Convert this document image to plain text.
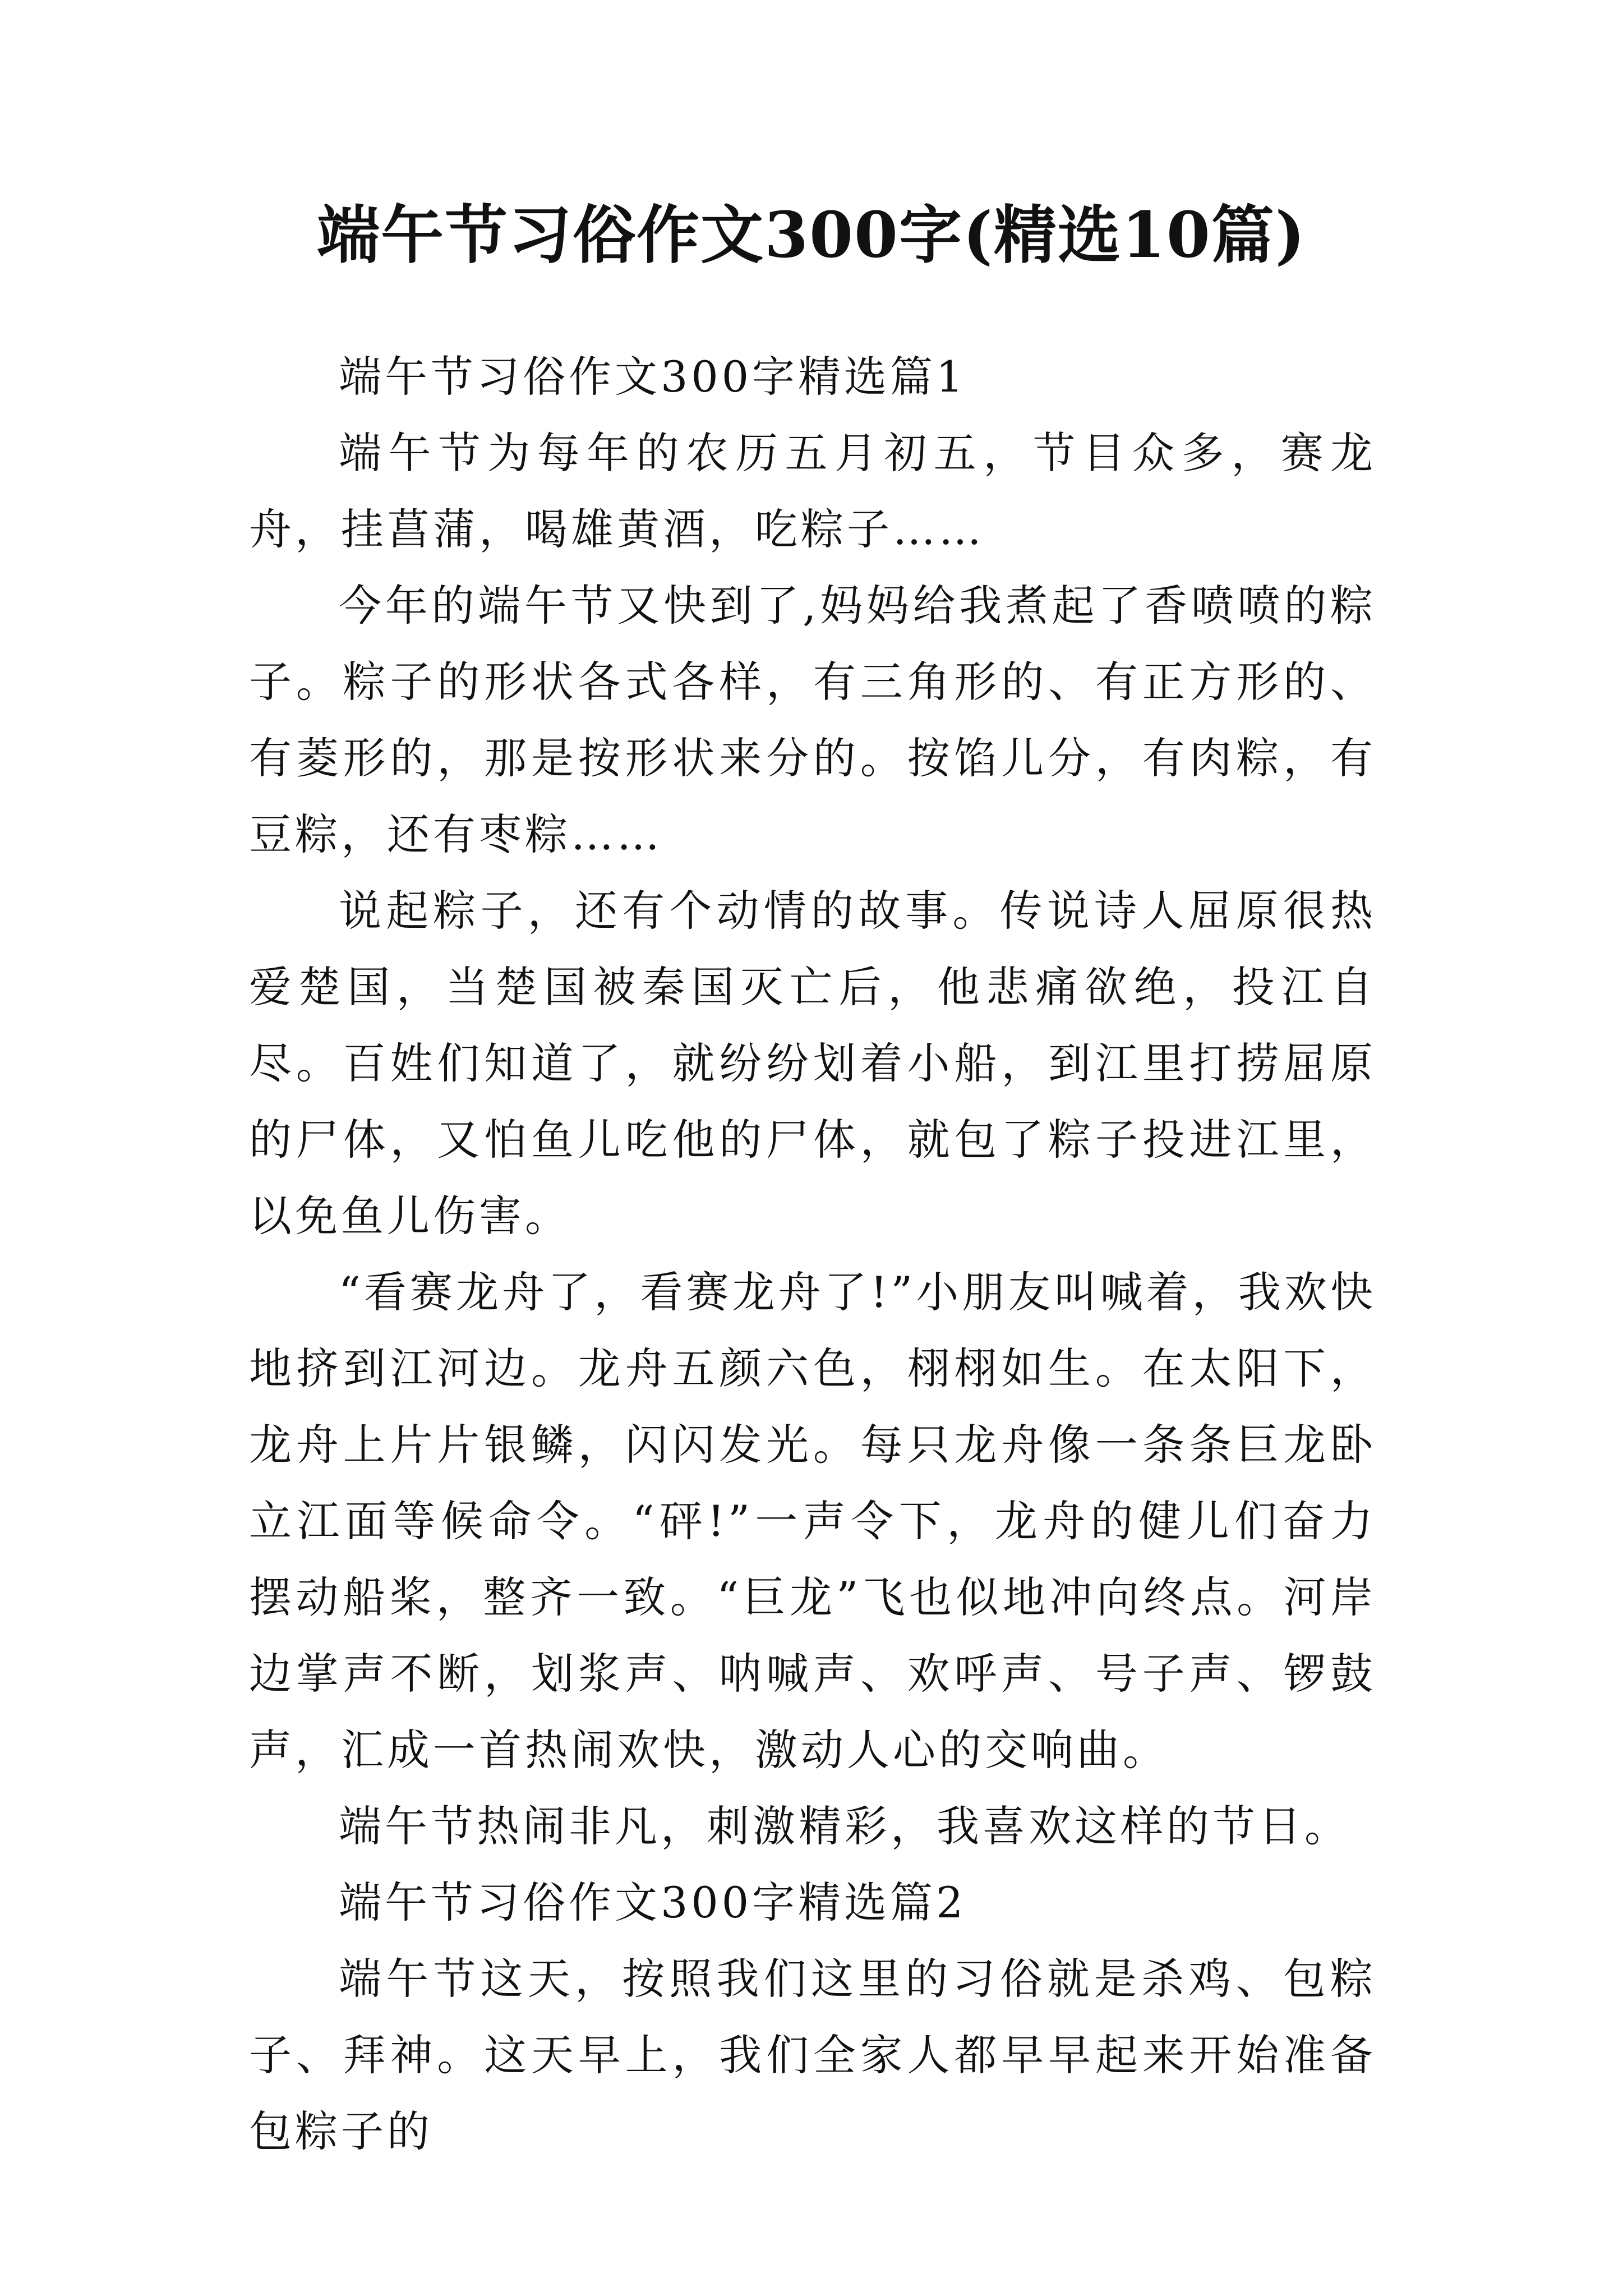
端午节习俗作文300字(精选10篇)

端午节习俗作文300字精选篇1

端午节为每年的农历五月初五，节目众多，赛龙舟，挂菖蒲，喝雄黄酒，吃粽子……

今年的端午节又快到了,妈妈给我煮起了香喷喷的粽子。粽子的形状各式各样，有三角形的、有正方形的、有菱形的，那是按形状来分的。按馅儿分，有肉粽，有豆粽，还有枣粽……

说起粽子，还有个动情的故事。传说诗人屈原很热爱楚国，当楚国被秦国灭亡后，他悲痛欲绝，投江自尽。百姓们知道了，就纷纷划着小船，到江里打捞屈原的尸体，又怕鱼儿吃他的尸体，就包了粽子投进江里，以免鱼儿伤害。

“看赛龙舟了，看赛龙舟了!”小朋友叫喊着，我欢快地挤到江河边。龙舟五颜六色，栩栩如生。在太阳下，龙舟上片片银鳞，闪闪发光。每只龙舟像一条条巨龙卧立江面等候命令。“砰!”一声令下，龙舟的健儿们奋力摆动船桨，整齐一致。“巨龙”飞也似地冲向终点。河岸边掌声不断，划浆声、呐喊声、欢呼声、号子声、锣鼓声，汇成一首热闹欢快，激动人心的交响曲。

端午节热闹非凡，刺激精彩，我喜欢这样的节日。

端午节习俗作文300字精选篇2

端午节这天，按照我们这里的习俗就是杀鸡、包粽子、拜神。这天早上，我们全家人都早早起来开始准备包粽子的
